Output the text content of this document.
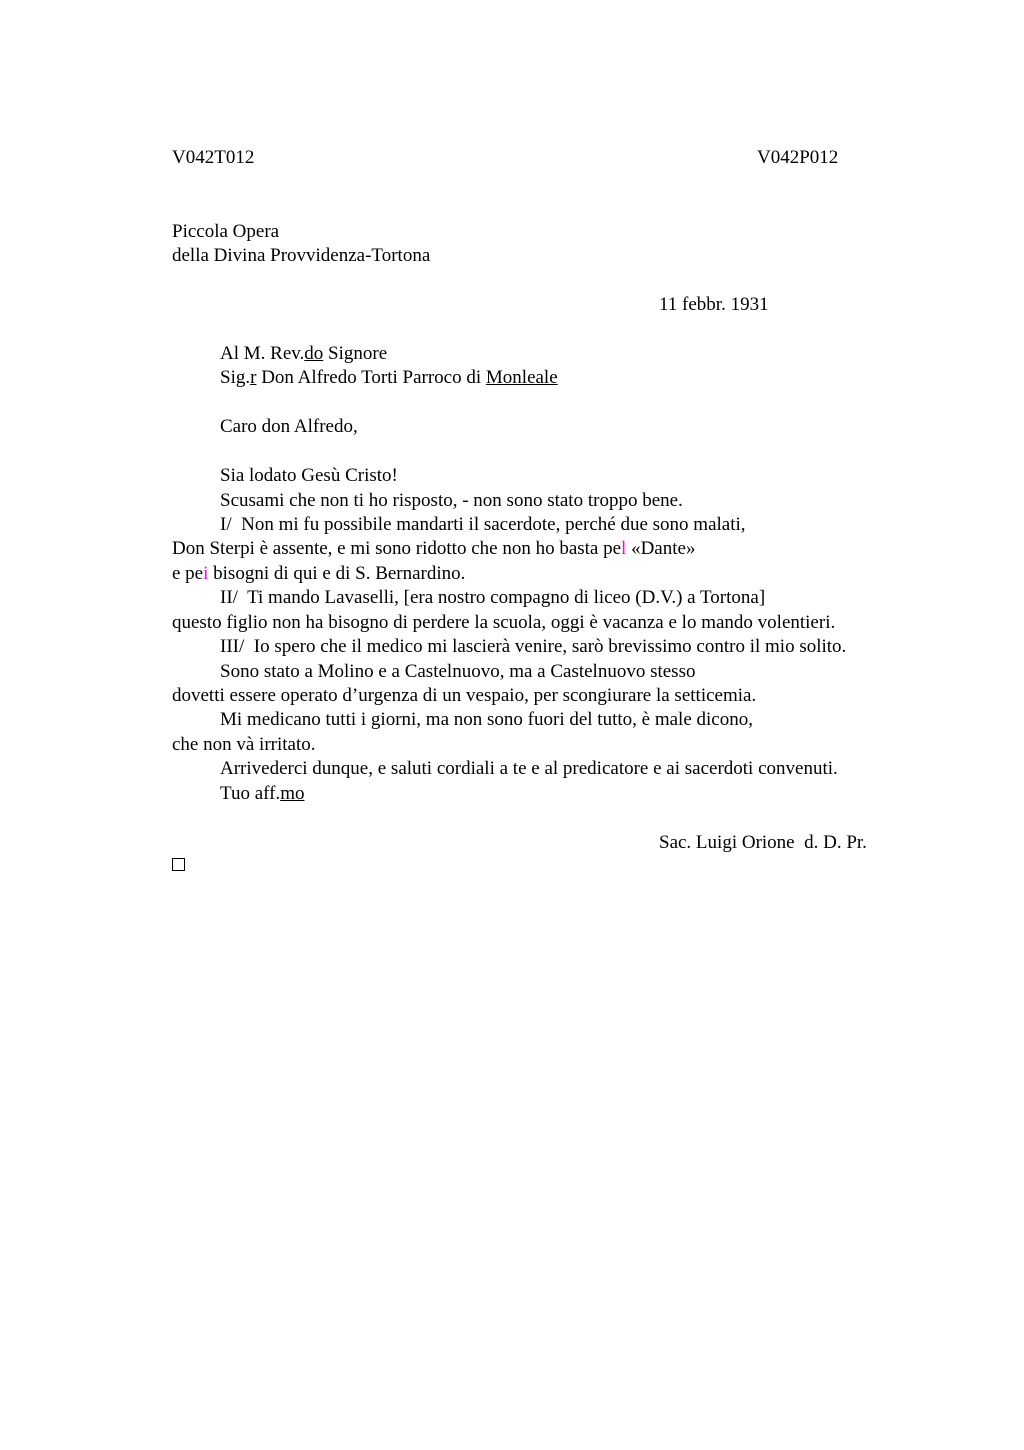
V042T012	V042P012
Piccola Opera
della Divina Provvidenza-Tortona
11 febbr. 1931
Al M. Rev.do Signore
Sig.r Don Alfredo Torti Parroco di Monleale
Caro don Alfredo,
Sia lodato Gesù Cristo!
Scusami che non ti ho risposto, - non sono stato troppo bene.
I/  Non mi fu possibile mandarti il sacerdote, perché due sono malati,
Don Sterpi è assente, e mi sono ridotto che non ho basta pel «Dante»
e pei bisogni di qui e di S. Bernardino.
II/  Ti mando Lavaselli, [era nostro compagno di liceo (D.V.) a Tortona]
questo figlio non ha bisogno di perdere la scuola, oggi è vacanza e lo mando volentieri.
III/  Io spero che il medico mi lascierà venire, sarò brevissimo contro il mio solito.
Sono stato a Molino e a Castelnuovo, ma a Castelnuovo stesso
dovetti essere operato d’urgenza di un vespaio, per scongiurare la setticemia.
Mi medicano tutti i giorni, ma non sono fuori del tutto, è male dicono,
che non và irritato.
Arrivederci dunque, e saluti cordiali a te e al predicatore e ai sacerdoti convenuti.
Tuo aff.mo
Sac. Luigi Orione  d. D. Pr.
